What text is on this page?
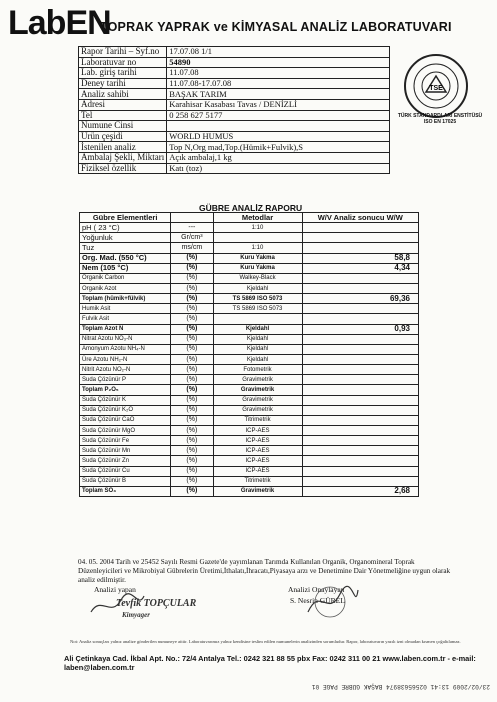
LabEN
TOPRAK YAPRAK ve KİMYASAL ANALİZ LABORATUVARI
Rapor Tarihi – Syf.no	17.07.08 1/1
Laboratuvar no	54890
Lab. giriş tarihi	11.07.08
Deney tarihi	11.07.08-17.07.08
Analiz sahibi	BAŞAK TARIM
Adresi	Karahisar Kasabası Tavas / DENİZLİ
Tel	0 258 627 5177
Numune Cinsi	
Ürün çeşidi	WORLD HUMUS
İstenilen analiz	Top N,Org mad,Top.(Hümik+Fulvik),S
Ambalaj Şekli, Miktarı	Açık ambalaj,1 kg
Fiziksel özellik	Katı (toz)
TSE
TÜRK STANDARDLARI ENSTİTÜSÜ ISO EN 17025
GÜBRE ANALİZ RAPORU
Gübre Elementleri		Metodlar	W/V Analiz sonucu W/W
pH ( 23 °C)	---	1:10	
Yoğunluk	Gr/cm³		
Tuz	ms/cm	1:10	
Org. Mad. (550 °C)	(%)	Kuru Yakma	58,8
Nem (105 °C)	(%)	Kuru Yakma	4,34
Organik Carbon	(%)	Walkey-Black	
Organik Azot	(%)	Kjeldahl	
Toplam (hümik+fülvik)	(%)	TS 5869 ISO 5073	69,36
Humik Asit	(%)	TS 5869 ISO 5073	
Fulvik Asit	(%)		
Toplam Azot N	(%)	Kjeldahl	0,93
Nitrat Azotu NO₃-N	(%)	Kjeldahl	
Amonyum Azotu NH₄-N	(%)	Kjeldahl	
Üre Azotu NH₂-N	(%)	Kjeldahl	
Nitrit Azotu NO₂-N	(%)	Fotometrik	
Suda Çözünür P	(%)	Gravimetrik	
Toplam P₂O₅	(%)	Gravimetrik	
Suda Çözünür K	(%)	Gravimetrik	
Suda Çözünür K₂O	(%)	Gravimetrik	
Suda Çözünür CaO	(%)	Titrimetrik	
Suda Çözünür MgO	(%)	ICP-AES	
Suda Çözünür Fe	(%)	ICP-AES	
Suda Çözünür Mn	(%)	ICP-AES	
Suda Çözünür Zn	(%)	ICP-AES	
Suda Çözünür Cu	(%)	ICP-AES	
Suda Çözünür B	(%)	Titrimetrik	
Toplam SO₃	(%)	Gravimetrik	2,68
04. 05. 2004 Tarih ve 25452 Sayılı Resmi Gazete'de yayımlanan Tarımda Kullanılan Organik, Organomineral Toprak Düzenleyicileri ve Mikrobiyal Gübrelerin Üretimi,İthalatı,İhracatı,Piyasaya arzı ve Denetimine Dair Yönetmeliğine uygun olarak analiz edilmiştir.
Analizi yapan
Tevfik TOPÇULAR
Kimyager
Analizi Onaylayan
S. Nesrin GÜREL
Not: Analiz sonuçları yalnız analize gönderilen numuneye aittir. Laboratuvarımız yalnız kendisine teslim edilen numunelerin analizinden sorumludur. Rapor, laboratuvarın yazılı izni olmadan kısmen çoğaltılamaz.
Ali Çetinkaya Cad. İkbal Apt. No.: 72/4 Antalya Tel.: 0242 321 88 55 pbx Fax: 0242 311 00 21 www.laben.com.tr - e-mail: laben@laben.com.tr
23/02/2009 13:41 02565638974 BAŞAK GÜBRE PAGE 01
